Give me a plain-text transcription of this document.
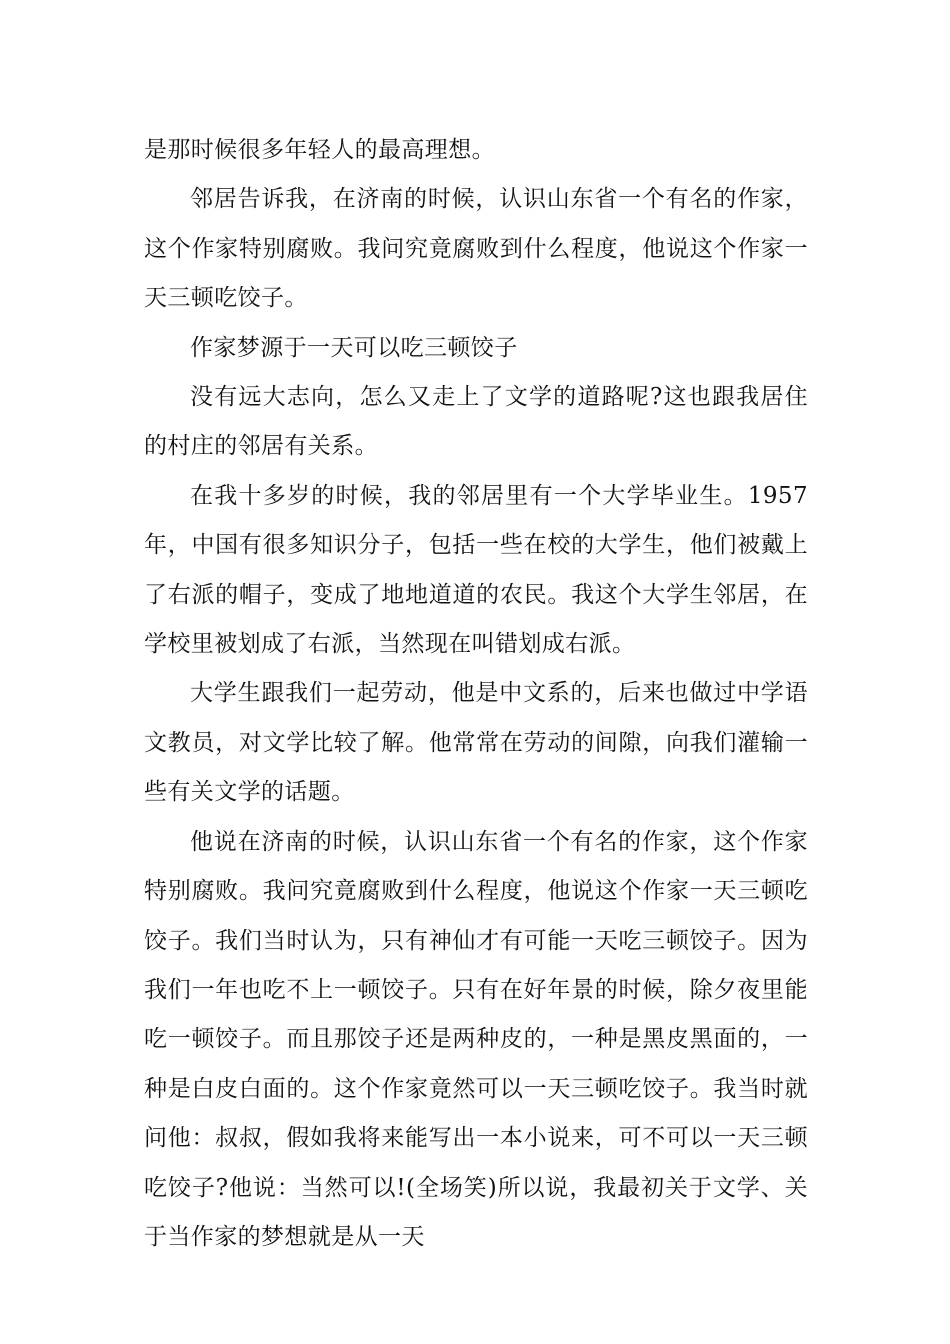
是那时候很多年轻人的最高理想。

邻居告诉我，在济南的时候，认识山东省一个有名的作家，这个作家特别腐败。我问究竟腐败到什么程度，他说这个作家一天三顿吃饺子。

作家梦源于一天可以吃三顿饺子

没有远大志向，怎么又走上了文学的道路呢?这也跟我居住的村庄的邻居有关系。

在我十多岁的时候，我的邻居里有一个大学毕业生。1957 年，中国有很多知识分子，包括一些在校的大学生，他们被戴上了右派的帽子，变成了地地道道的农民。我这个大学生邻居，在学校里被划成了右派，当然现在叫错划成右派。

大学生跟我们一起劳动，他是中文系的，后来也做过中学语文教员，对文学比较了解。他常常在劳动的间隙，向我们灌输一些有关文学的话题。

他说在济南的时候，认识山东省一个有名的作家，这个作家特别腐败。我问究竟腐败到什么程度，他说这个作家一天三顿吃饺子。我们当时认为，只有神仙才有可能一天吃三顿饺子。因为我们一年也吃不上一顿饺子。只有在好年景的时候，除夕夜里能吃一顿饺子。而且那饺子还是两种皮的，一种是黑皮黑面的，一种是白皮白面的。这个作家竟然可以一天三顿吃饺子。我当时就问他：叔叔，假如我将来能写出一本小说来，可不可以一天三顿吃饺子?他说：当然可以!(全场笑)所以说，我最初关于文学、关于当作家的梦想就是从一天
